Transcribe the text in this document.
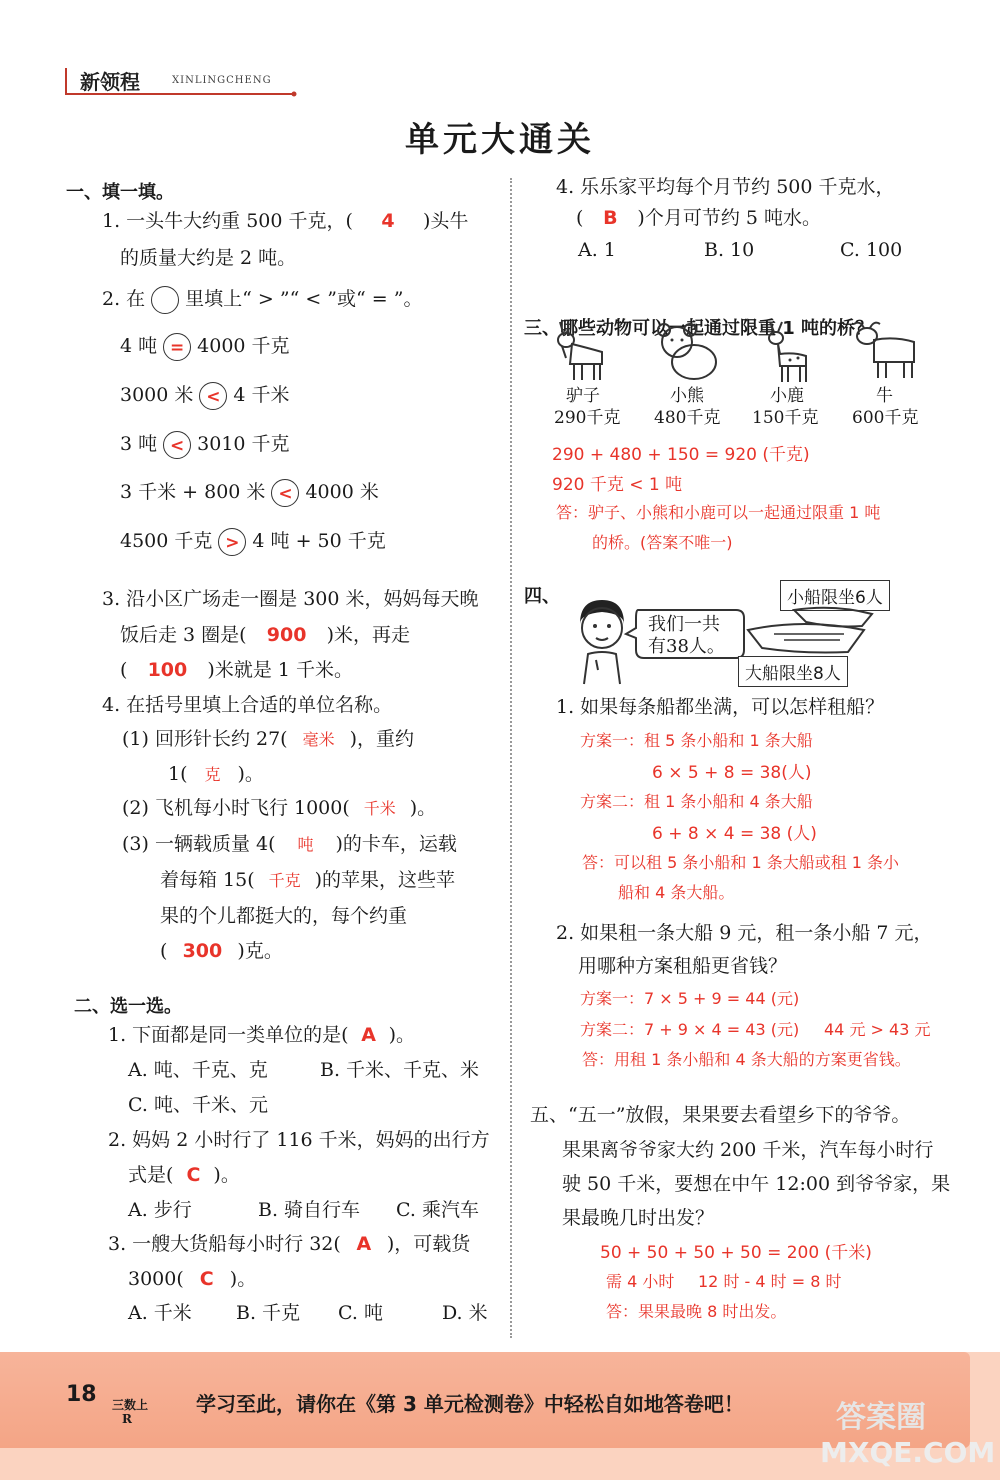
新领程	XINLINGCHENG
单元大通关
一、填一填。
1. 一头牛大约重 500 千克，( 4 )头牛
的质量大约是 2 吨。
2. 在 里填上“ > ”“ < ”或“ = ”。
4 吨 = 4000 千克
3000 米 < 4 千米
3 吨 < 3010 千克
3 千米 + 800 米 < 4000 米
4500 千克 > 4 吨 + 50 千克
3. 沿小区广场走一圈是 300 米，妈妈每天晚
饭后走 3 圈是( 900 )米，再走
( 100 )米就是 1 千米。
4. 在括号里填上合适的单位名称。
(1) 回形针长约 27( 毫米 )，重约
1( 克 )。
(2) 飞机每小时飞行 1000( 千米 )。
(3) 一辆载质量 4( 吨 )的卡车，运载
着每箱 15( 千克 )的苹果，这些苹
果的个儿都挺大的，每个约重
( 300 )克。
二、选一选。
1. 下面都是同一类单位的是( A )。
A. 吨、千克、克	B. 千米、千克、米
C. 吨、千米、元
2. 妈妈 2 小时行了 116 千米，妈妈的出行方
式是( C )。
A. 步行	B. 骑自行车 C. 乘汽车
3. 一艘大货船每小时行 32( A )，可载货
3000( C )。
A. 千米 B. 千克 C. 吨	D. 米
4. 乐乐家平均每个月节约 500 千克水，
( B )个月可节约 5 吨水。
A. 1	B. 10	C. 100
三、哪些动物可以一起通过限重 1 吨的桥？
驴子	小熊	小鹿	牛
290千克 480千克 150千克 600千克
290 + 480 + 150 = 920 (千克)
920 千克 < 1 吨
答：驴子、小熊和小鹿可以一起通过限重 1 吨
的桥。(答案不唯一)
四、
我们一共
有38人。
小船限坐6人
大船限坐8人
1. 如果每条船都坐满，可以怎样租船？
方案一：租 5 条小船和 1 条大船
6 × 5 + 8 = 38(人)
方案二：租 1 条小船和 4 条大船
6 + 8 × 4 = 38 (人)
答：可以租 5 条小船和 1 条大船或租 1 条小
船和 4 条大船。
2. 如果租一条大船 9 元，租一条小船 7 元，
用哪种方案租船更省钱？
方案一：7 × 5 + 9 = 44 (元)
方案二：7 + 9 × 4 = 43 (元) 44 元 > 43 元
答：用租 1 条小船和 4 条大船的方案更省钱。
五、“五一”放假，果果要去看望乡下的爷爷。
果果离爷爷家大约 200 千米，汽车每小时行
驶 50 千米，要想在中午 12:00 到爷爷家，果
果最晚几时出发？
50 + 50 + 50 + 50 = 200 (千米)
需 4 小时 12 时 - 4 时 = 8 时
答：果果最晚 8 时出发。
18 三数上
R
学习至此，请你在《第 3 单元检测卷》中轻松自如地答卷吧！	答案圈
MXQE.COM
